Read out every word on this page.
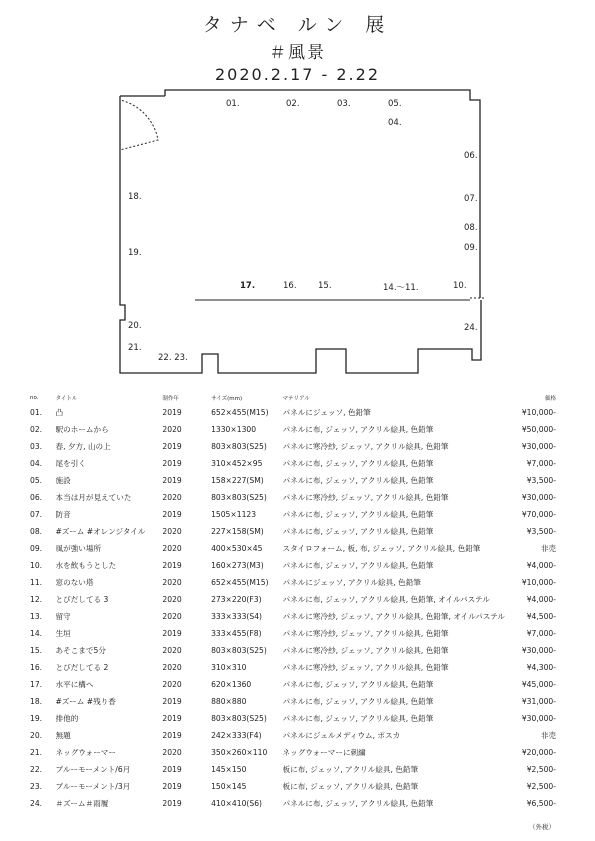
タナベ ルン 展
＃風景
2020.2.17 - 2.22
01.	02.	03.	05.
04.
06.
18.	07.
08.
19.	09.
17.	16.	15.	14.〜11.	10.
20.	24.
21.
22. 23.
no.	タイトル	制作年	サイズ(mm)	マテリアル	価格
01.	凸	2019	652×455(M15)	パネルにジェッソ, 色鉛筆	¥10,000-
02.	駅のホームから	2020	1330×1300	パネルに布, ジェッソ, アクリル絵具, 色鉛筆	¥50,000-
03.	春, 夕方, 山の上	2019	803×803(S25)	パネルに寒冷紗, ジェッソ, アクリル絵具, 色鉛筆	¥30,000-
04.	尾を引く	2019	310×452×95	パネルに布, ジェッソ, アクリル絵具, 色鉛筆	¥7,000-
05.	施設	2019	158×227(SM)	パネルに布, ジェッソ, アクリル絵具, 色鉛筆	¥3,500-
06.	本当は月が見えていた	2020	803×803(S25)	パネルに寒冷紗, ジェッソ, アクリル絵具, 色鉛筆	¥30,000-
07.	防音	2019	1505×1123	パネルに布, ジェッソ, アクリル絵具, 色鉛筆	¥70,000-
08.	#ズーム #オレンジタイル	2020	227×158(SM)	パネルに布, ジェッソ, アクリル絵具, 色鉛筆	¥3,500-
09.	風が強い場所	2020	400×530×45	スタイロフォーム, 板, 布, ジェッソ, アクリル絵具, 色鉛筆	非売
10.	水を飲もうとした	2019	160×273(M3)	パネルに布, ジェッソ, アクリル絵具, 色鉛筆	¥4,000-
11.	窓のない塔	2020	652×455(M15)	パネルにジェッソ, アクリル絵具, 色鉛筆	¥10,000-
12.	とびだしてる 3	2020	273×220(F3)	パネルに布, ジェッソ, アクリル絵具, 色鉛筆, オイルパステル	¥4,000-
13.	留守	2020	333×333(S4)	パネルに寒冷紗, ジェッソ, アクリル絵具, 色鉛筆, オイルパステル	¥4,500-
14.	生垣	2019	333×455(F8)	パネルに寒冷紗, ジェッソ, アクリル絵具, 色鉛筆	¥7,000-
15.	あそこまで5分	2020	803×803(S25)	パネルに寒冷紗, ジェッソ, アクリル絵具, 色鉛筆	¥30,000-
16.	とびだしてる 2	2020	310×310	パネルに寒冷紗, ジェッソ, アクリル絵具, 色鉛筆	¥4,300-
17.	水平に構へ	2020	620×1360	パネルに布, ジェッソ, アクリル絵具, 色鉛筆	¥45,000-
18.	#ズーム #残り香	2019	880×880	パネルに布, ジェッソ, アクリル絵具, 色鉛筆	¥31,000-
19.	排他的	2019	803×803(S25)	パネルに布, ジェッソ, アクリル絵具, 色鉛筆	¥30,000-
20.	無題	2019	242×333(F4)	パネルにジェルメディウム, ポスカ	非売
21.	ネッグウォーマー	2020	350×260×110	ネッグウォーマーに刺繍	¥20,000-
22.	ブルーモーメント/6月	2019	145×150	板に布, ジェッソ, アクリル絵具, 色鉛筆	¥2,500-
23.	ブルーモーメント/3月	2019	150×145	板に布, ジェッソ, アクリル絵具, 色鉛筆	¥2,500-
24.	＃ズーム＃雨履	2019	410×410(S6)	パネルに布, ジェッソ, アクリル絵具, 色鉛筆	¥6,500-
（外税）
